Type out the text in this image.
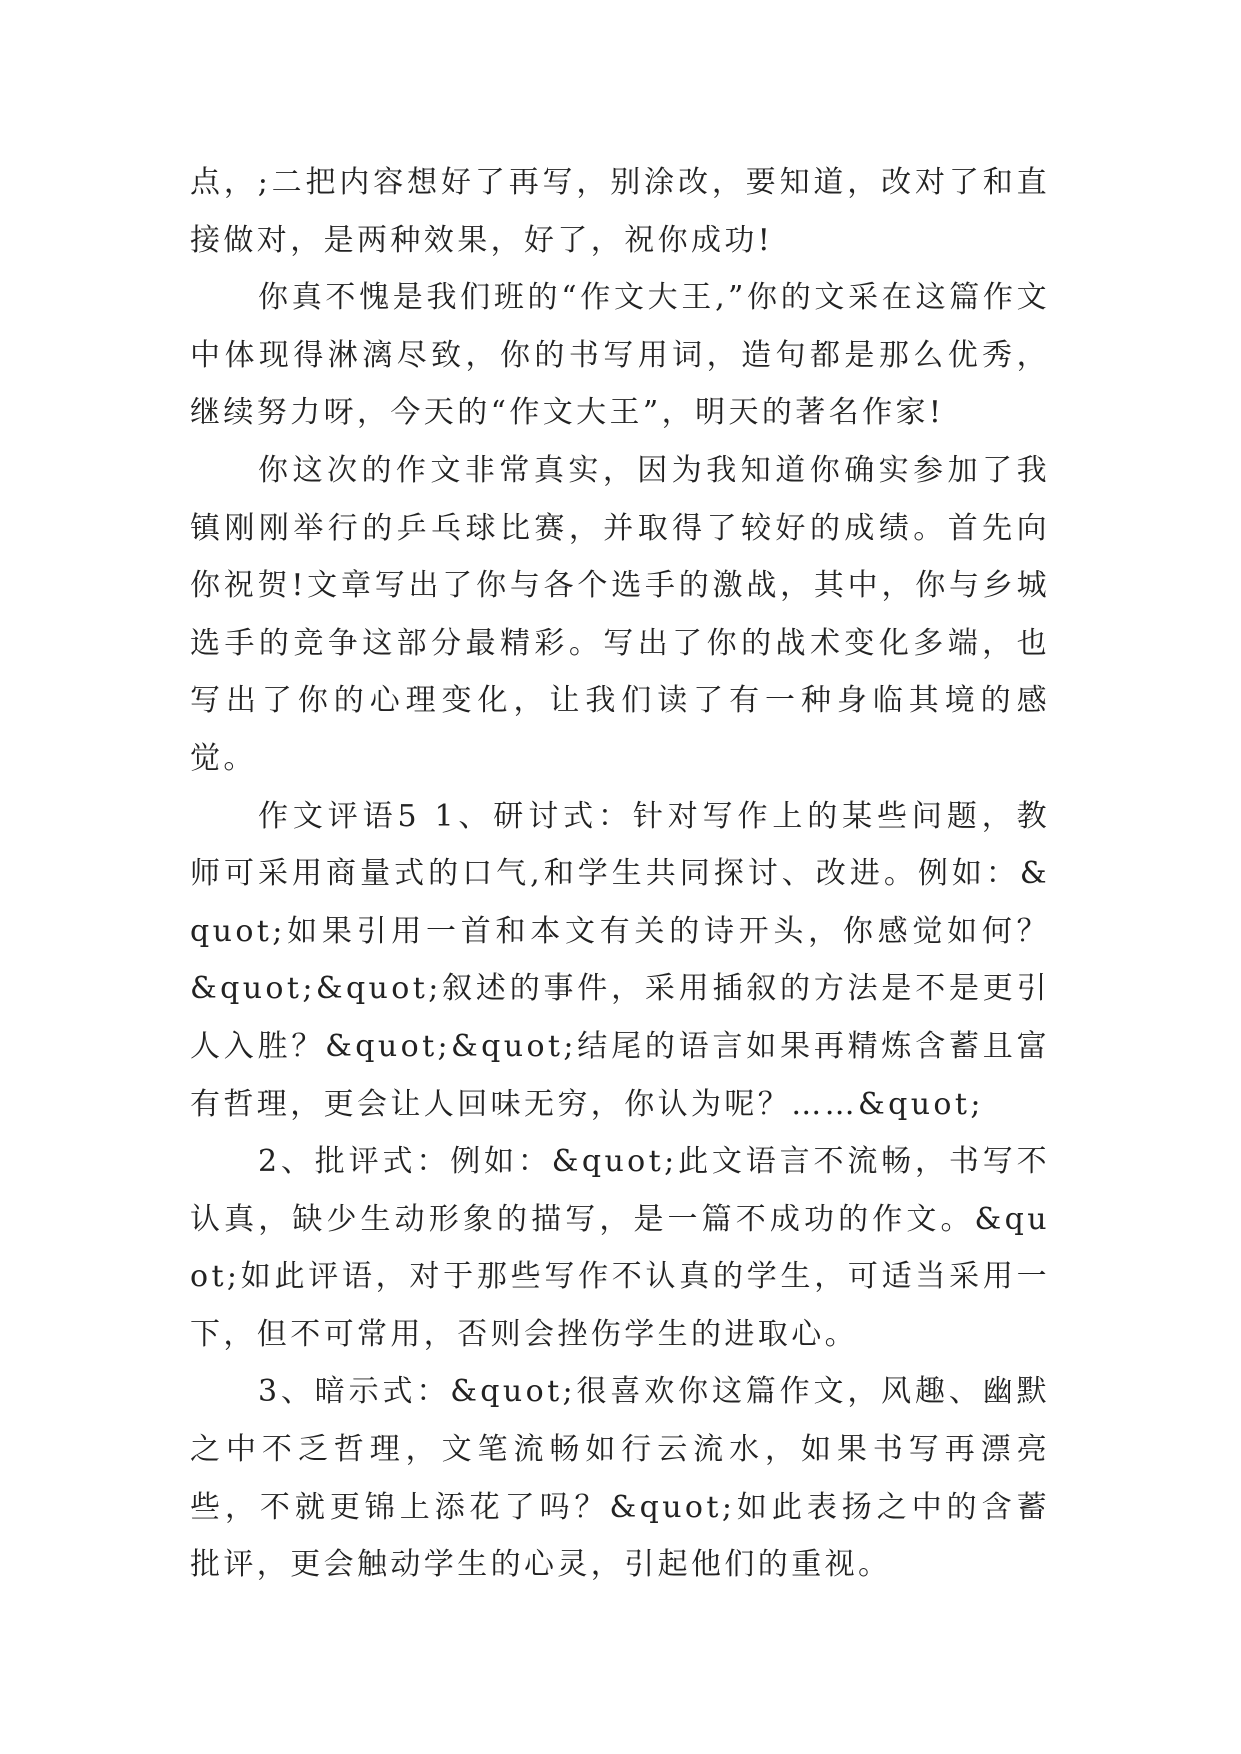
点，;二把内容想好了再写，别涂改，要知道，改对了和直接做对，是两种效果，好了，祝你成功!

你真不愧是我们班的“作文大王,”你的文采在这篇作文中体现得淋漓尽致，你的书写用词，造句都是那么优秀，继续努力呀，今天的“作文大王”，明天的著名作家!

你这次的作文非常真实，因为我知道你确实参加了我镇刚刚举行的乒乓球比赛，并取得了较好的成绩。首先向你祝贺!文章写出了你与各个选手的激战，其中，你与乡城选手的竞争这部分最精彩。写出了你的战术变化多端，也写出了你的心理变化，让我们读了有一种身临其境的感觉。

作文评语5 1、研讨式：针对写作上的某些问题，教师可采用商量式的口气,和学生共同探讨、改进。例如：&quot;如果引用一首和本文有关的诗开头，你感觉如何？&quot;&quot;叙述的事件，采用插叙的方法是不是更引人入胜？&quot;&quot;结尾的语言如果再精炼含蓄且富有哲理，更会让人回味无穷，你认为呢？……&quot;

2、批评式：例如：&quot;此文语言不流畅，书写不认真，缺少生动形象的描写，是一篇不成功的作文。&quot;如此评语，对于那些写作不认真的学生，可适当采用一下，但不可常用，否则会挫伤学生的进取心。

3、暗示式：&quot;很喜欢你这篇作文，风趣、幽默之中不乏哲理，文笔流畅如行云流水，如果书写再漂亮些，不就更锦上添花了吗？&quot;如此表扬之中的含蓄批评，更会触动学生的心灵，引起他们的重视。
